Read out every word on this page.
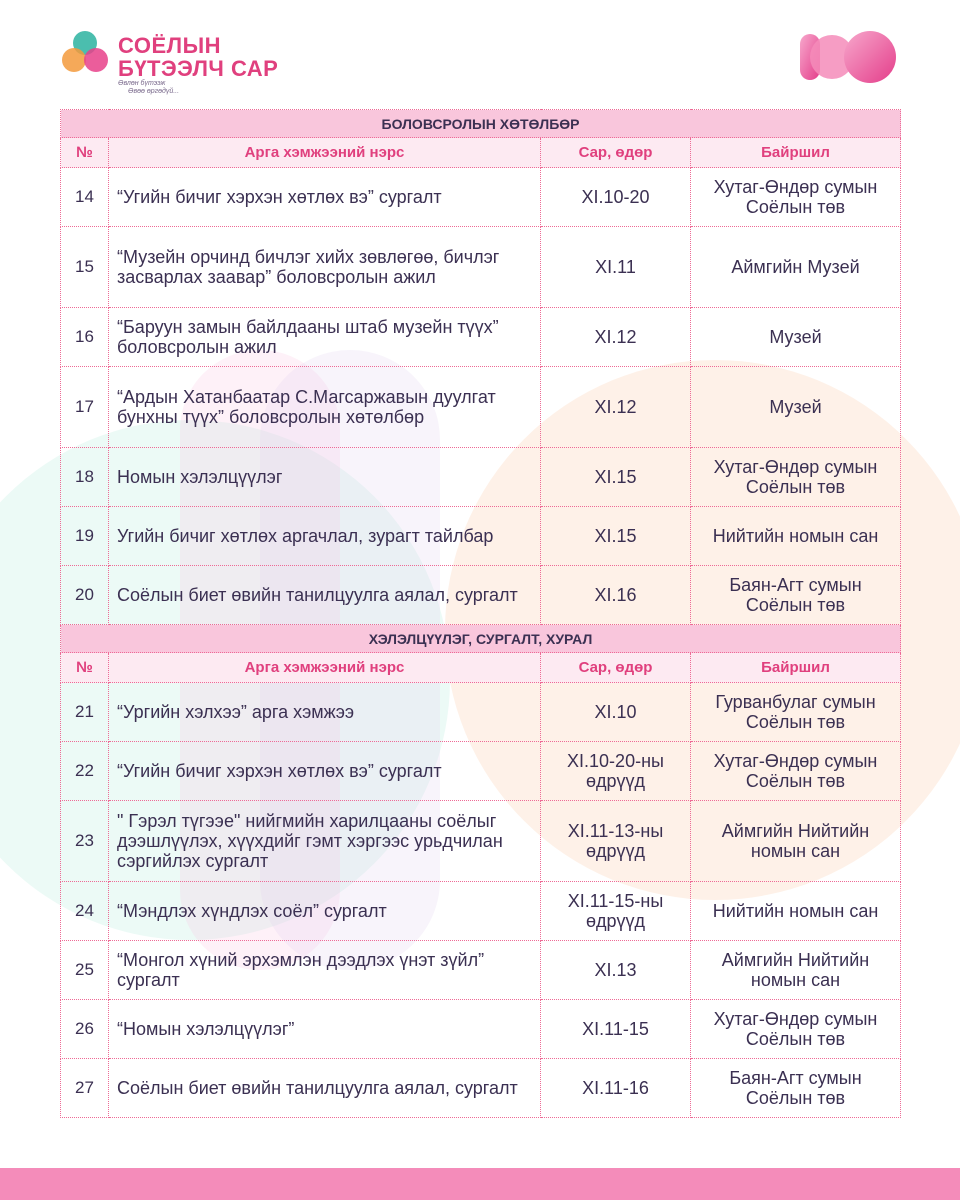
СОЁЛЫН
БҮТЭЭЛЧ САР
Өвлөн бүтээж
Өвөө өргөдүй...
БОЛОВСРОЛЫН ХӨТӨЛБӨР			
№	Арга хэмжээний нэрс	Сар, өдөр	Байршил
14	“Угийн бичиг хэрхэн хөтлөх вэ” сургалт	XI.10-20	Хутаг-Өндөр сумын Соёлын төв
15	“Музейн орчинд бичлэг хийх зөвлөгөө, бичлэг засварлах заавар” боловсролын ажил	XI.11	Аймгийн Музей
16	“Баруун замын байлдааны штаб музейн түүх” боловсролын ажил	XI.12	Музей
17	“Ардын Хатанбаатар С.Магсаржавын дуулгат бунхны түүх” боловсролын хөтөлбөр	XI.12	Музей
18	Номын хэлэлцүүлэг	XI.15	Хутаг-Өндөр сумын Соёлын төв
19	Угийн бичиг хөтлөх аргачлал, зурагт тайлбар	XI.15	Нийтийн номын сан
20	Соёлын биет өвийн танилцуулга аялал, сургалт	XI.16	Баян-Агт сумын Соёлын төв
ХЭЛЭЛЦҮҮЛЭГ, СУРГАЛТ, ХУРАЛ			
№	Арга хэмжээний нэрс	Сар, өдөр	Байршил
21	“Ургийн хэлхээ” арга хэмжээ	XI.10	Гурванбулаг сумын Соёлын төв
22	“Угийн бичиг хэрхэн хөтлөх вэ” сургалт	XI.10-20-ны өдрүүд	Хутаг-Өндөр сумын Соёлын төв
23	" Гэрэл түгээе" нийгмийн харилцааны соёлыг дээшлүүлэх, хүүхдийг гэмт хэргээс урьдчилан сэргийлэх сургалт	XI.11-13-ны өдрүүд	Аймгийн Нийтийн номын сан
24	“Мэндлэх хүндлэх соёл” сургалт	XI.11-15-ны өдрүүд	Нийтийн номын сан
25	“Монгол хүний эрхэмлэн дээдлэх үнэт зүйл” сургалт	XI.13	Аймгийн Нийтийн номын сан
26	“Номын хэлэлцүүлэг”	XI.11-15	Хутаг-Өндөр сумын Соёлын төв
27	Соёлын биет өвийн танилцуулга аялал, сургалт	XI.11-16	Баян-Агт сумын Соёлын төв
